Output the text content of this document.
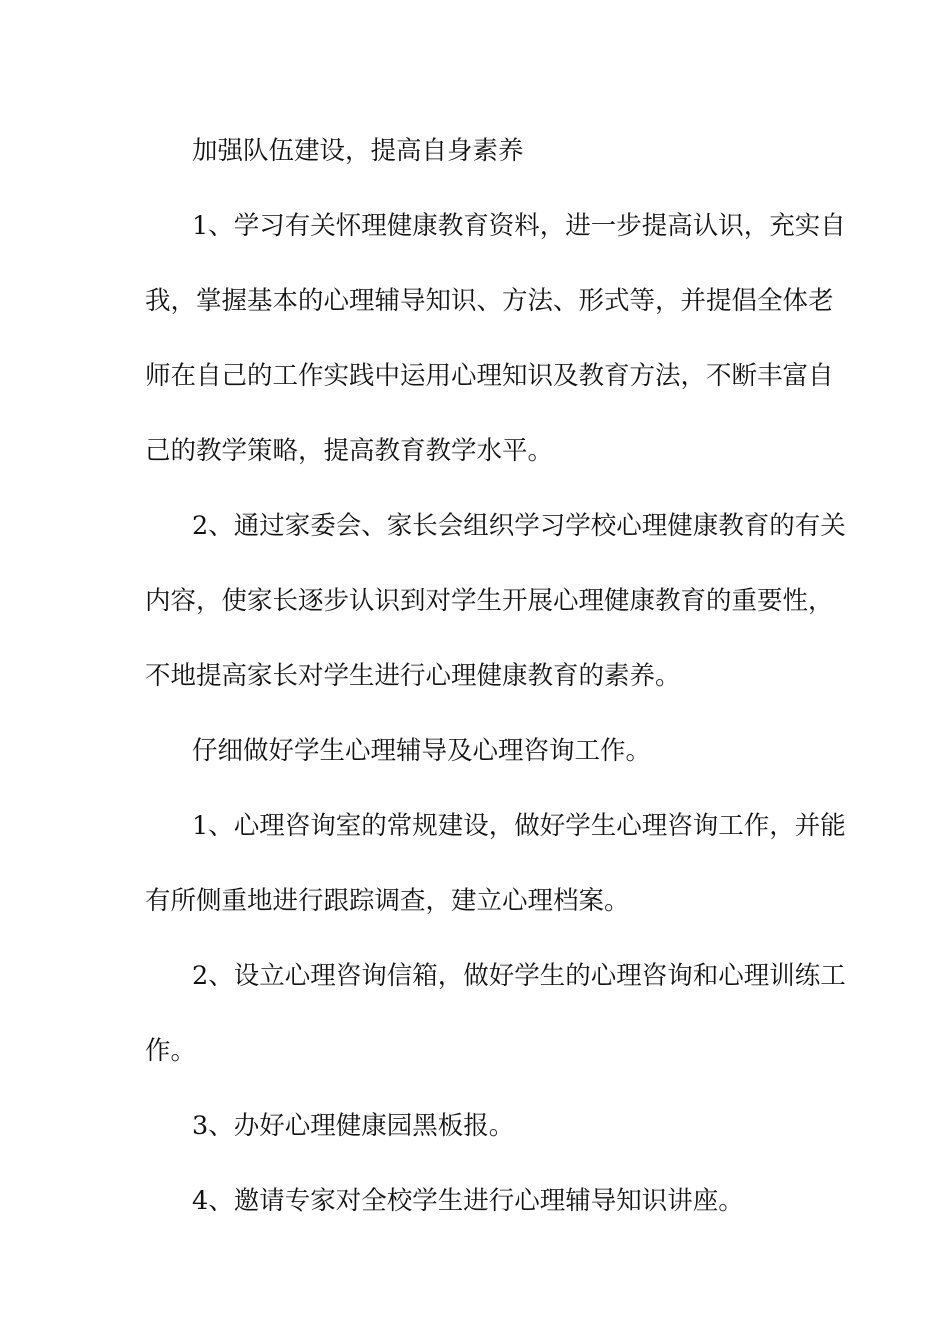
加强队伍建设，提高自身素养
1、学习有关怀理健康教育资料，进一步提高认识，充实自
我，掌握基本的心理辅导知识、方法、形式等，并提倡全体老
师在自己的工作实践中运用心理知识及教育方法，不断丰富自
己的教学策略，提高教育教学水平。
2、通过家委会、家长会组织学习学校心理健康教育的有关
内容，使家长逐步认识到对学生开展心理健康教育的重要性，
不地提高家长对学生进行心理健康教育的素养。
仔细做好学生心理辅导及心理咨询工作。
1、心理咨询室的常规建设，做好学生心理咨询工作，并能
有所侧重地进行跟踪调查，建立心理档案。
2、设立心理咨询信箱，做好学生的心理咨询和心理训练工
作。
3、办好心理健康园黑板报。
4、邀请专家对全校学生进行心理辅导知识讲座。
